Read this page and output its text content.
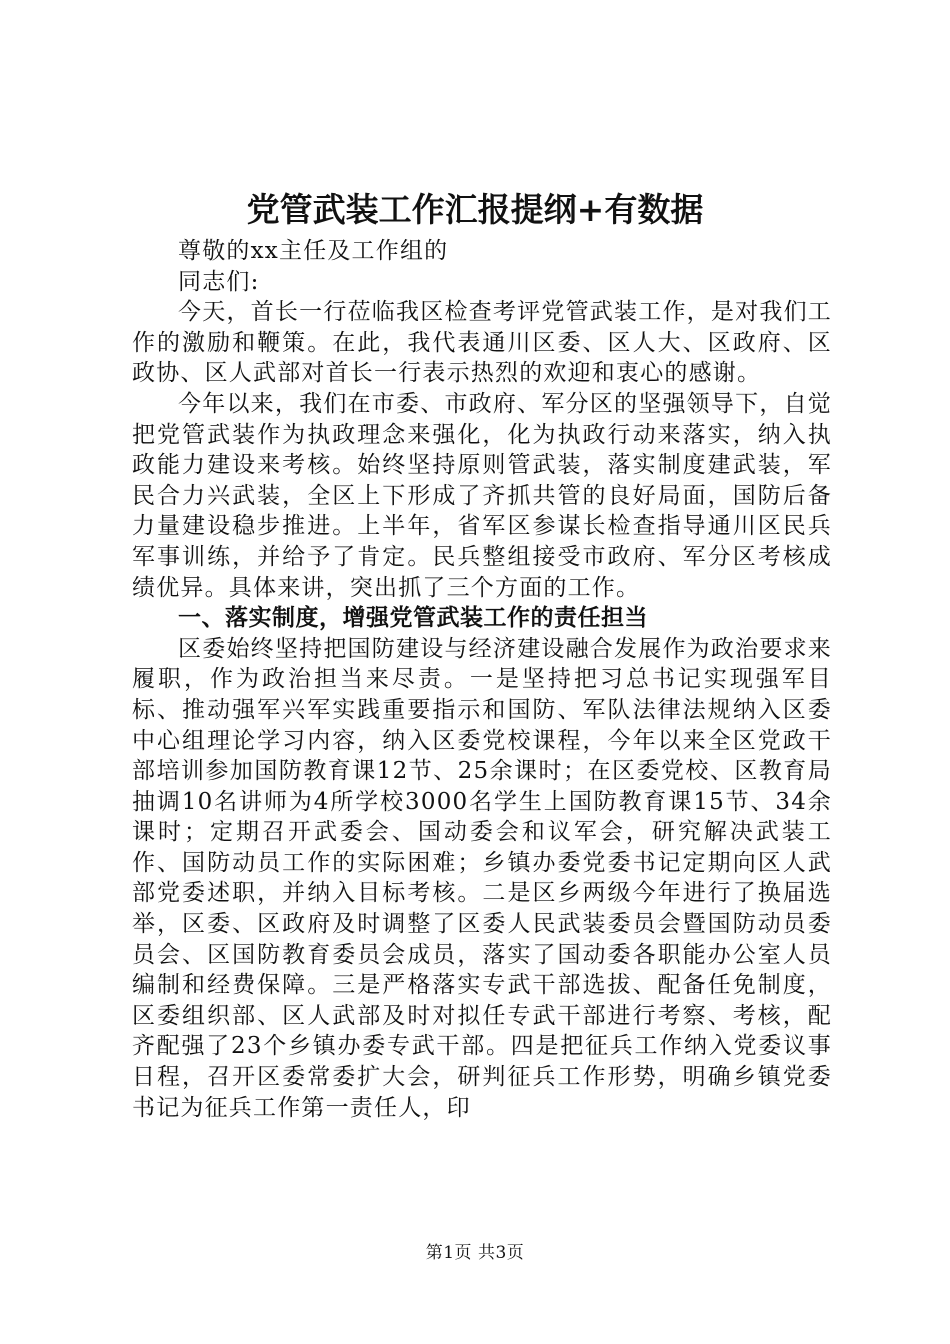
党管武装工作汇报提纲+有数据

尊敬的xx主任及工作组的

同志们:

今天，首长一行莅临我区检查考评党管武装工作，是对我们工作的激励和鞭策。在此，我代表通川区委、区人大、区政府、区政协、区人武部对首长一行表示热烈的欢迎和衷心的感谢。

今年以来，我们在市委、市政府、军分区的坚强领导下，自觉把党管武装作为执政理念来强化，化为执政行动来落实，纳入执政能力建设来考核。始终坚持原则管武装，落实制度建武装，军民合力兴武装，全区上下形成了齐抓共管的良好局面，国防后备力量建设稳步推进。上半年，省军区参谋长检查指导通川区民兵军事训练，并给予了肯定。民兵整组接受市政府、军分区考核成绩优异。具体来讲，突出抓了三个方面的工作。

一、落实制度，增强党管武装工作的责任担当

区委始终坚持把国防建设与经济建设融合发展作为政治要求来履职，作为政治担当来尽责。一是坚持把习总书记实现强军目标、推动强军兴军实践重要指示和国防、军队法律法规纳入区委中心组理论学习内容，纳入区委党校课程，今年以来全区党政干部培训参加国防教育课12节、25余课时；在区委党校、区教育局抽调10名讲师为4所学校3000名学生上国防教育课15节、34余课时；定期召开武委会、国动委会和议军会，研究解决武装工作、国防动员工作的实际困难；乡镇办委党委书记定期向区人武部党委述职，并纳入目标考核。二是区乡两级今年进行了换届选举，区委、区政府及时调整了区委人民武装委员会暨国防动员委员会、区国防教育委员会成员，落实了国动委各职能办公室人员编制和经费保障。三是严格落实专武干部选拔、配备任免制度，区委组织部、区人武部及时对拟任专武干部进行考察、考核，配齐配强了23个乡镇办委专武干部。四是把征兵工作纳入党委议事日程，召开区委常委扩大会，研判征兵工作形势，明确乡镇党委书记为征兵工作第一责任人，印

第1页 共3页
